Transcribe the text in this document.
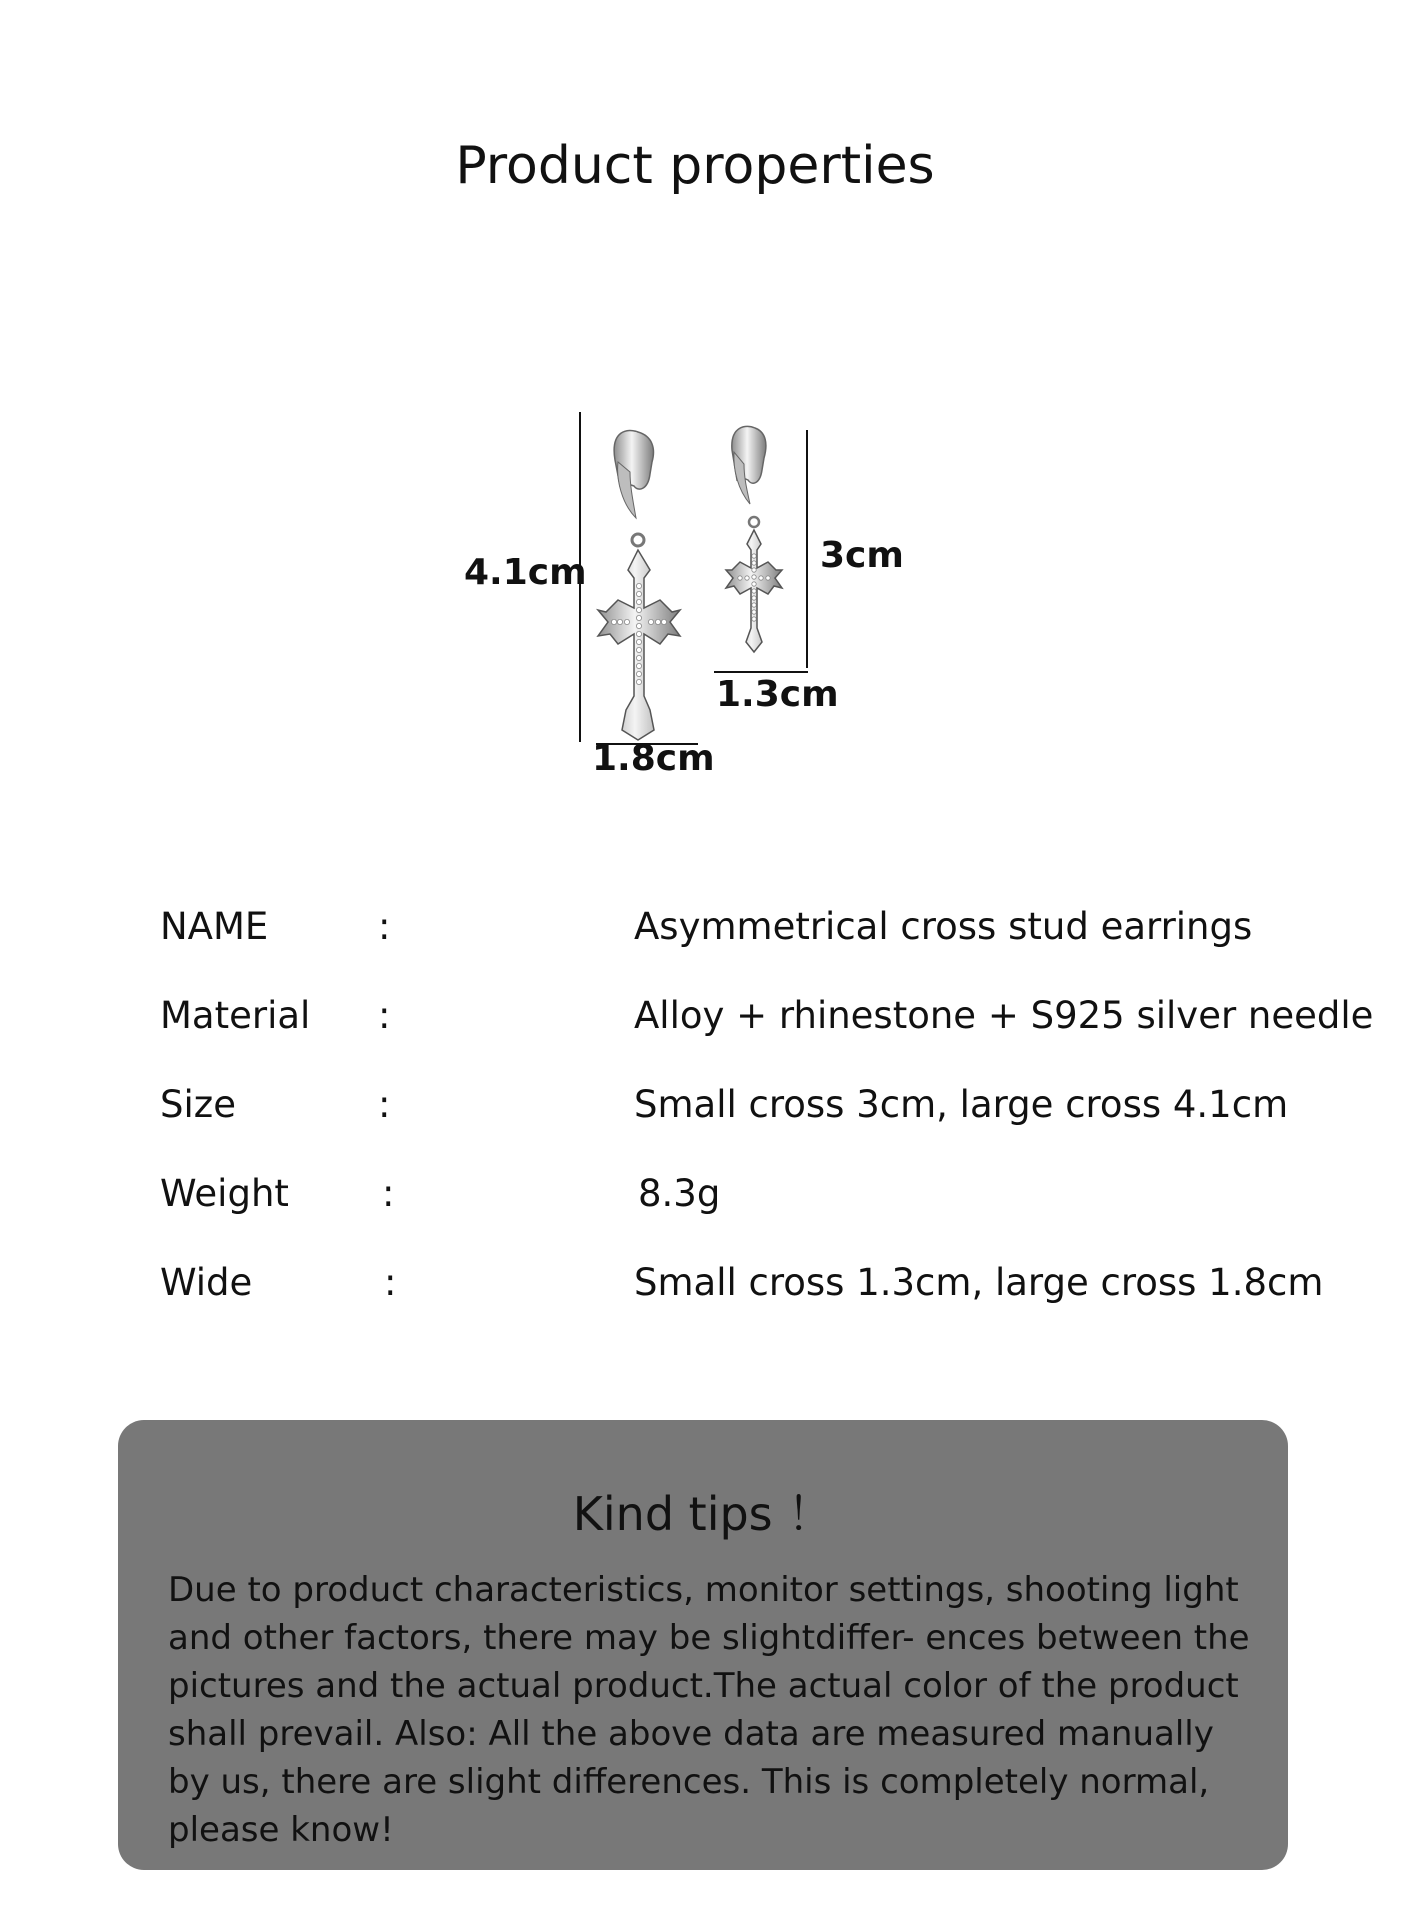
Product properties
4.1cm	3cm
1.3cm
1.8cm
NAME	:	Asymmetrical cross stud earrings
Material :	Alloy + rhinestone + S925 silver needle
Size	:	Small cross 3cm, large cross 4.1cm
Weight	:	8.3g
Wide	:	Small cross 1.3cm, large cross 1.8cm
Kind tips ！
Due to product characteristics, monitor settings, shooting light and other factors, there may be slightdiffer- ences between the pictures and the actual product.The actual color of the product shall prevail. Also: All the above data are measured manually by us, there are slight differences. This is completely normal, please know!
